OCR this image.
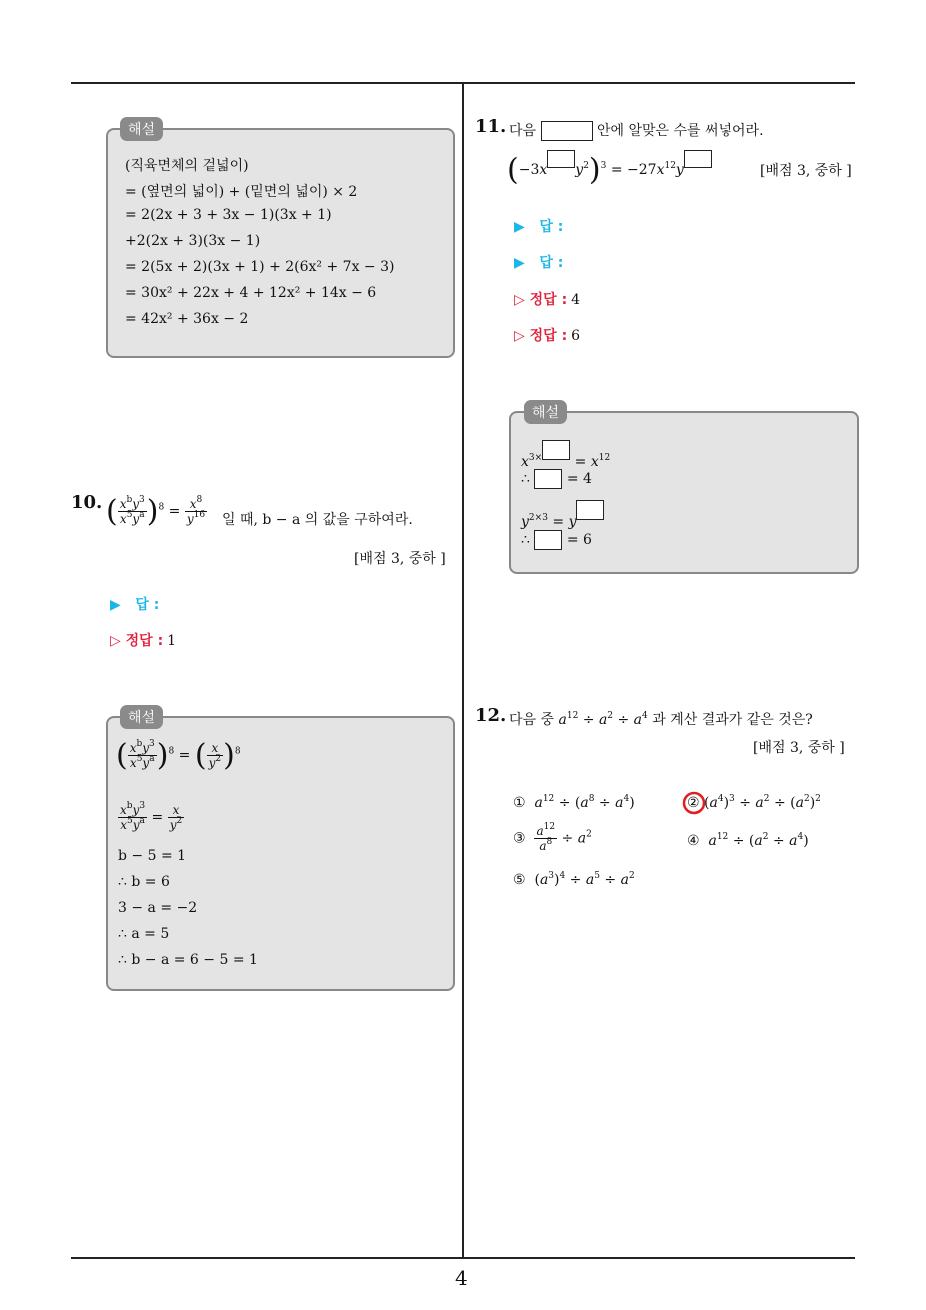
4
해설
(직육면체의 겉넓이)
= (옆면의 넓이) + (밑면의 넓이) × 2
= 2(2x + 3 + 3x − 1)(3x + 1)
+2(2x + 3)(3x − 1)
= 2(5x + 2)(3x + 1) + 2(6x² + 7x − 3)
= 30x² + 22x + 4 + 12x² + 14x − 6
= 42x² + 36x − 2
10. ( $\frac{x^by^3}{x^5y^a} )^8 = \frac{x^8}{y^{16}}$ 일 때, b − a 의 값을 구하여라.
[배점 3, 중하 ]
▶   답 :
▷ 정답 : 1
해설
( $\frac{x^by^3}{x^5y^a} )^8$ = ( $\frac{x}{y^2} )^8$
$\frac{x^by^3}{x^5y^a} = \frac{x}{y^2}$
b − 5 = 1
∴ b = 6
3 − a = −2
∴ a = 5
∴ b − a = 6 − 5 = 1
11. 다음	안에 알맞은 수를 써넣어라.
(−3x $y^2)^3 = -27x^{12}y$	[배점 3, 중하 ]
▶   답 :
▶   답 :
▷ 정답 : 4
▷ 정답 : 6
해설
$x^{3\times} = x^{12}$
∴  = 4
$y^{2\times 3} = y$
∴  = 6
12. 다음 중 $a^{12} \div a^2 \div a^4$ 과 계산 결과가 같은 것은?
[배점 3, 중하 ]
① $a^{12} \div (a^8 \div a^4)$	②
$(a^4)^3 \div a^2 \div (a^2)^2$
③ $\frac{a^{12}}{a^8} \div a^2$	④ $a^{12} \div (a^2 \div a^4)$
⑤  $(a^3)^4 \div a^5 \div a^2$
